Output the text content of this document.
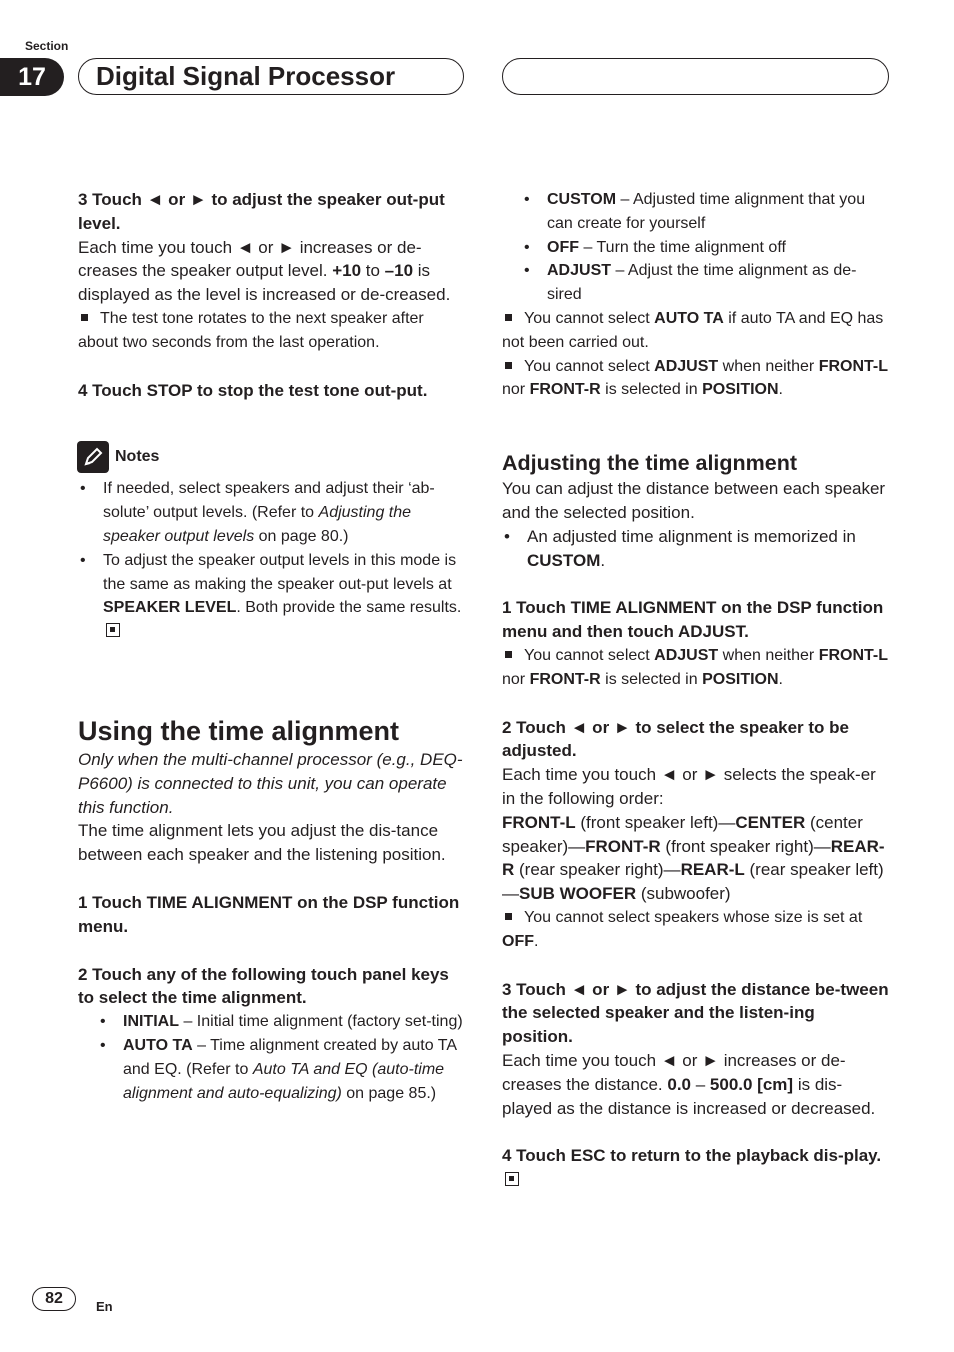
Section
17	Digital Signal Processor

3 Touch ◄ or ► to adjust the speaker out-put level.

Each time you touch ◄ or ► increases or de-creases the speaker output level. +10 to –10 is displayed as the level is increased or de-creased.

The test tone rotates to the next speaker after about two seconds from the last operation.

4 Touch STOP to stop the test tone out-put.

Notes
• If needed, select speakers and adjust their ‘ab-solute’ output levels. (Refer to Adjusting the speaker output levels on page 80.)
• To adjust the speaker output levels in this mode is the same as making the speaker out-put levels at SPEAKER LEVEL. Both provide the same results.
Using the time alignment

Only when the multi-channel processor (e.g., DEQ-P6600) is connected to this unit, you can operate this function.

The time alignment lets you adjust the dis-tance between each speaker and the listening position.

1 Touch TIME ALIGNMENT on the DSP function menu.

2 Touch any of the following touch panel keys to select the time alignment.

• INITIAL – Initial time alignment (factory set-ting)
• AUTO TA – Time alignment created by auto TA and EQ. (Refer to Auto TA and EQ (auto-time alignment and auto-equalizing) on page 85.)
• CUSTOM – Adjusted time alignment that you can create for yourself
• OFF – Turn the time alignment off
• ADJUST – Adjust the time alignment as de-sired

You cannot select AUTO TA if auto TA and EQ has not been carried out.

You cannot select ADJUST when neither FRONT-L nor FRONT-R is selected in POSITION.

Adjusting the time alignment

You can adjust the distance between each speaker and the selected position.

• An adjusted time alignment is memorized in CUSTOM.

1 Touch TIME ALIGNMENT on the DSP function menu and then touch ADJUST.

You cannot select ADJUST when neither FRONT-L nor FRONT-R is selected in POSITION.

2 Touch ◄ or ► to select the speaker to be adjusted.

Each time you touch ◄ or ► selects the speak-er in the following order:

FRONT-L (front speaker left)—CENTER (center speaker)—FRONT-R (front speaker right)—REAR-R (rear speaker right)—REAR-L (rear speaker left)—SUB WOOFER (subwoofer)

You cannot select speakers whose size is set at OFF.

3 Touch ◄ or ► to adjust the distance be-tween the selected speaker and the listen-ing position.

Each time you touch ◄ or ► increases or de-creases the distance. 0.0 – 500.0 [cm] is dis-played as the distance is increased or decreased.

4 Touch ESC to return to the playback dis-play.

82	En
